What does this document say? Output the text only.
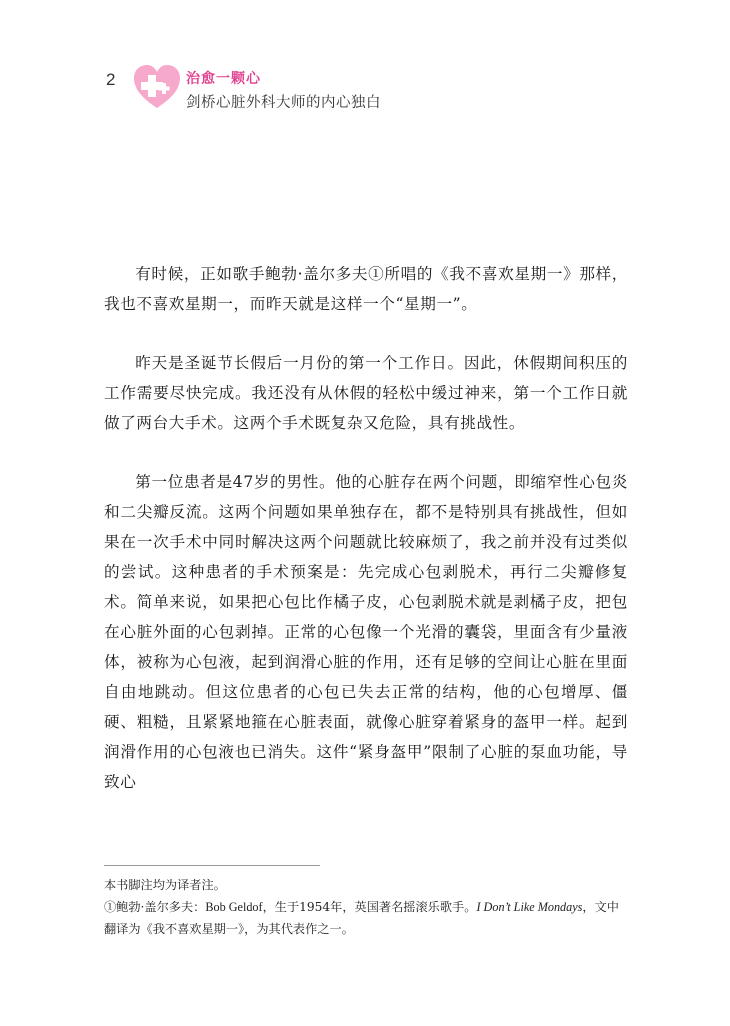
2	治愈一颗心
剑桥心脏外科大师的内心独白

有时候，正如歌手鲍勃·盖尔多夫①所唱的《我不喜欢星期一》那样，我也不喜欢星期一，而昨天就是这样一个“星期一”。

昨天是圣诞节长假后一月份的第一个工作日。因此，休假期间积压的工作需要尽快完成。我还没有从休假的轻松中缓过神来，第一个工作日就做了两台大手术。这两个手术既复杂又危险，具有挑战性。

第一位患者是47岁的男性。他的心脏存在两个问题，即缩窄性心包炎和二尖瓣反流。这两个问题如果单独存在，都不是特别具有挑战性，但如果在一次手术中同时解决这两个问题就比较麻烦了，我之前并没有过类似的尝试。这种患者的手术预案是：先完成心包剥脱术，再行二尖瓣修复术。简单来说，如果把心包比作橘子皮，心包剥脱术就是剥橘子皮，把包在心脏外面的心包剥掉。正常的心包像一个光滑的囊袋，里面含有少量液体，被称为心包液，起到润滑心脏的作用，还有足够的空间让心脏在里面自由地跳动。但这位患者的心包已失去正常的结构，他的心包增厚、僵硬、粗糙，且紧紧地箍在心脏表面，就像心脏穿着紧身的盔甲一样。起到润滑作用的心包液也已消失。这件“紧身盔甲”限制了心脏的泵血功能，导致心

本书脚注均为译者注。

①鲍勃·盖尔多夫：Bob Geldof，生于1954年，英国著名摇滚乐歌手。I Don’t Like Mondays，文中翻译为《我不喜欢星期一》，为其代表作之一。
